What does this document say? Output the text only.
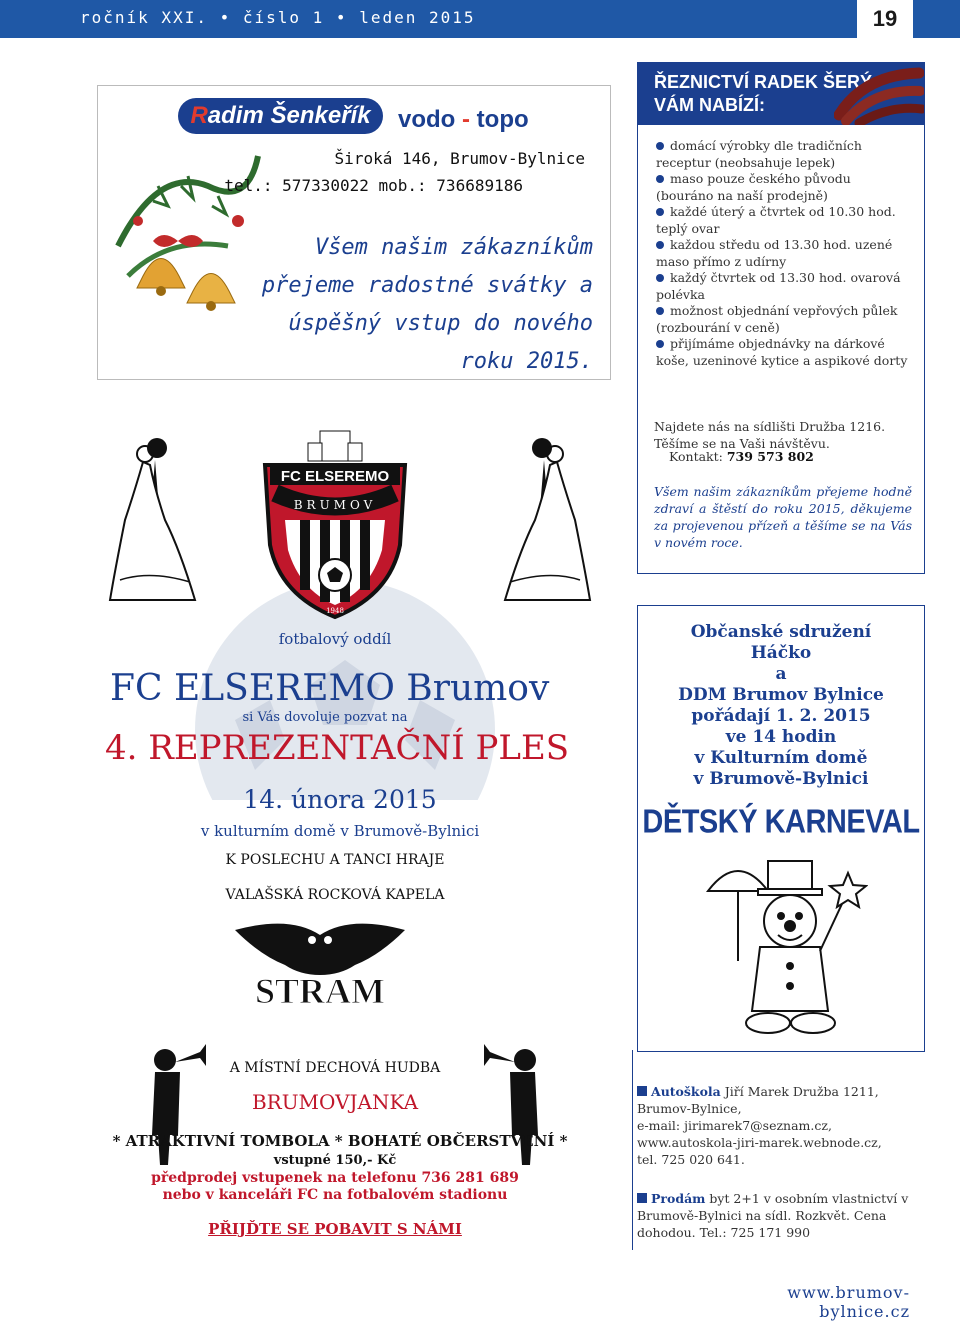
ročník XXI. • číslo 1 • leden 2015	19
Radim Šenkeřík	vodo - topo
Široká 146, Brumov-Bylnice
tel.: 577330022 mob.: 736689186
Všem našim zákazníkům přejeme radostné svátky a úspěšný vstup do nového roku 2015.
ŘEZNICTVÍ RADEK ŠERÝ
VÁM NABÍZÍ:
domácí výrobky dle tradičních receptur (neobsahuje lepek)
maso pouze českého původu (bouráno na naší prodejně)
každé úterý a čtvrtek od 10.30 hod. teplý ovar
každou středu od 13.30 hod. uzené maso přímo z udírny
každý čtvrtek od 13.30 hod. ovarová polévka
možnost objednání vepřových půlek (rozbourání v ceně)
přijímáme objednávky na dárkové koše, uzeninové kytice a aspikové dorty
Najdete nás na sídlišti Družba 1216.
Těšíme se na Vaši návštěvu.
Kontakt: 739 573 802
Všem našim zákazníkům přejeme hodně zdraví a štěstí do roku 2015, děkujeme za projevenou přízeň a těšíme se na Vás v novém roce.
FC ELSEREMO
BRUMOV
1948
fotbalový oddíl
FC ELSEREMO Brumov
si Vás dovoluje pozvat na
4. REPREZENTAČNÍ PLES
14. února 2015
v kulturním domě v Brumově-Bylnici
K POSLECHU A TANCI HRAJE
VALAŠSKÁ ROCKOVÁ KAPELA
STRAM
A MÍSTNÍ DECHOVÁ HUDBA
BRUMOVJANKA
* ATRAKTIVNÍ TOMBOLA * BOHATÉ OBČERSTVENÍ *
vstupné 150,- Kč
předprodej vstupenek na telefonu 736 281 689
nebo v kanceláři FC na fotbalovém stadionu
PŘIJĎTE SE POBAVIT S NÁMI
Občanské sdružení
Háčko
a
DDM Brumov Bylnice
pořádají 1. 2. 2015
ve 14 hodin
v Kulturním domě
v Brumově-Bylnici
DĚTSKÝ KARNEVAL
Autoškola Jiří Marek Družba 1211, Brumov-Bylnice,
e-mail: jirimarek7@seznam.cz,
www.autoskola-jiri-marek.webnode.cz,
tel. 725 020 641.
Prodám byt 2+1 v osobním vlastnictví v Brumově-Bylnici na sídl. Rozkvět. Cena dohodou. Tel.: 725 171 990
www.brumov-bylnice.cz
